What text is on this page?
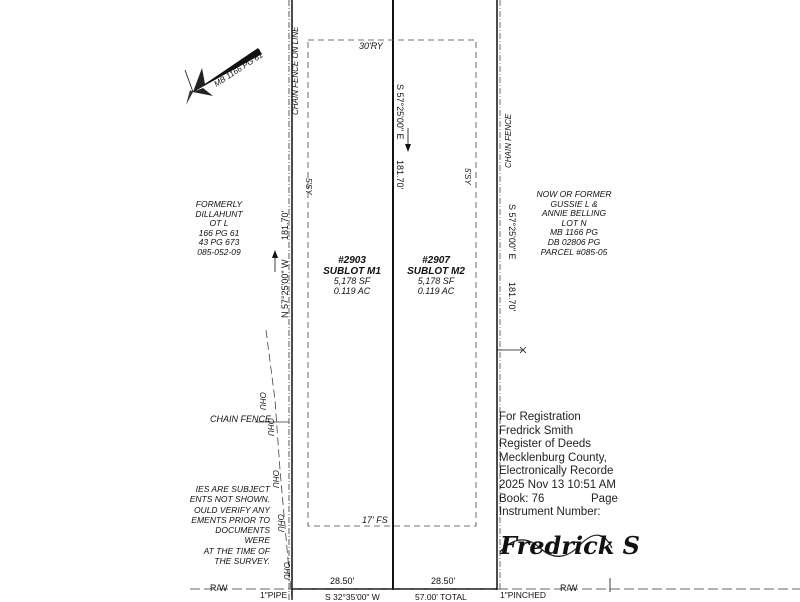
MB 1166 PG 61
30'RY
CHAIN FENCE ON LINE	S 57°25'00" E
181.70'
5'SY
5'SY
CHAIN FENCE
N 57°25'00" W
181.70'	S 57°25'00" E
181.70'
#2903
SUBLOT M1
5,178 SF
0.119 AC
#2907
SUBLOT M2
5,178 SF
0.119 AC
FORMERLY
DILLAHUNT
OT L
166 PG 61
43 PG 673
085-052-09
NOW OR FORMER
GUSSIE L &
ANNIE BELLING
LOT N
MB 1166 PG
DB 02806 PG
PARCEL #085-05
OHU
OHU
OHU
OHU
OHU
CHAIN FENCE
IES ARE SUBJECT
ENTS NOT SHOWN.
OULD VERIFY ANY
EMENTS PRIOR TO
DOCUMENTS WERE
AT THE TIME OF
THE SURVEY.
17' FS
28.50'	28.50'
R/W	R/W
1"PIPE	S 32°35'00" W	57.00' TOTAL	1"PINCHED
For Registration
Fredrick Smith
Register of Deeds
Mecklenburg County,
Electronically Recorde
2025 Nov 13 10:51 AM
Book: 76	Page
Instrument Number:
Fredrick S
